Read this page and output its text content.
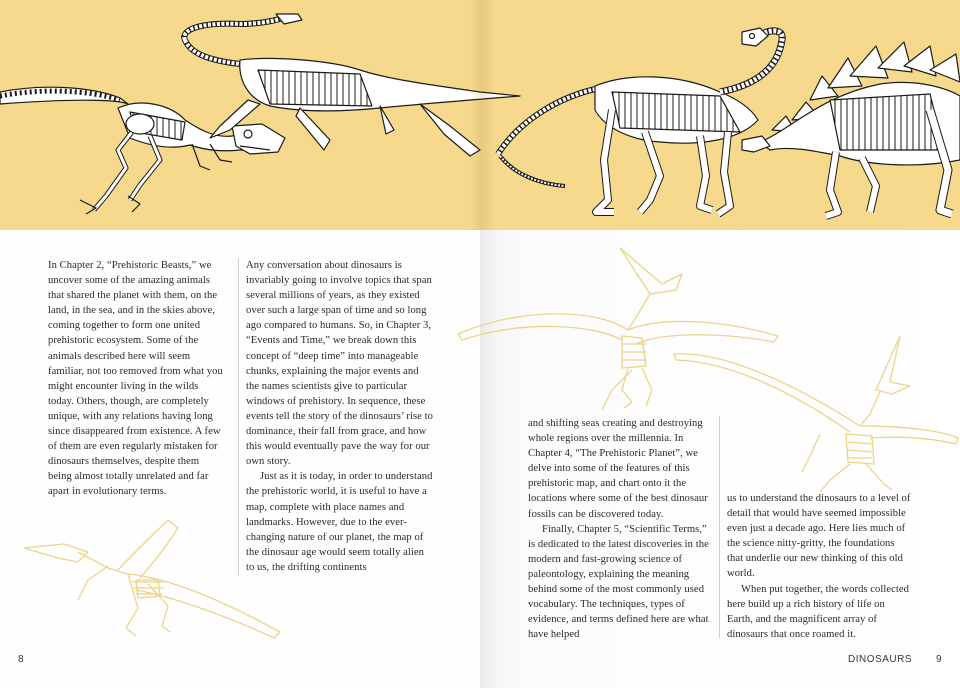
In Chapter 2, “Prehistoric Beasts,” we uncover some of the amazing animals that shared the planet with them, on the land, in the sea, and in the skies above, coming together to form one united prehistoric ecosystem. Some of the animals described here will seem familiar, not too removed from what you might encounter living in the wilds today. Others, though, are completely unique, with any relations having long since disappeared from existence. A few of them are even regularly mistaken for dinosaurs themselves, despite them being almost totally unrelated and far apart in evolutionary terms.

Any conversation about dinosaurs is invariably going to involve topics that span several millions of years, as they existed over such a large span of time and so long ago compared to humans. So, in Chapter 3, “Events and Time,” we break down this concept of “deep time” into manageable chunks, explaining the major events and the names scientists give to particular windows of prehistory. In sequence, these events tell the story of the dinosaurs’ rise to dominance, their fall from grace, and how this would eventually pave the way for our own story.

Just as it is today, in order to understand the prehistoric world, it is useful to have a map, complete with place names and landmarks. However, due to the ever-changing nature of our planet, the map of the dinosaur age would seem totally alien to us, the drifting continents

and shifting seas creating and destroying whole regions over the millennia. In Chapter 4, “The Prehistoric Planet”, we delve into some of the features of this prehistoric map, and chart onto it the locations where some of the best dinosaur fossils can be discovered today.

Finally, Chapter 5, “Scientific Terms,” is dedicated to the latest discoveries in the modern and fast-growing science of paleontology, explaining the meaning behind some of the most commonly used vocabulary. The techniques, types of evidence, and terms defined here are what have helped

us to understand the dinosaurs to a level of detail that would have seemed impossible even just a decade ago. Here lies much of the science nitty-gritty, the foundations that underlie our new thinking of this old world.

When put together, the words collected here build up a rich history of life on Earth, and the magnificent array of dinosaurs that once roamed it.

8	DINOSAURS 9
